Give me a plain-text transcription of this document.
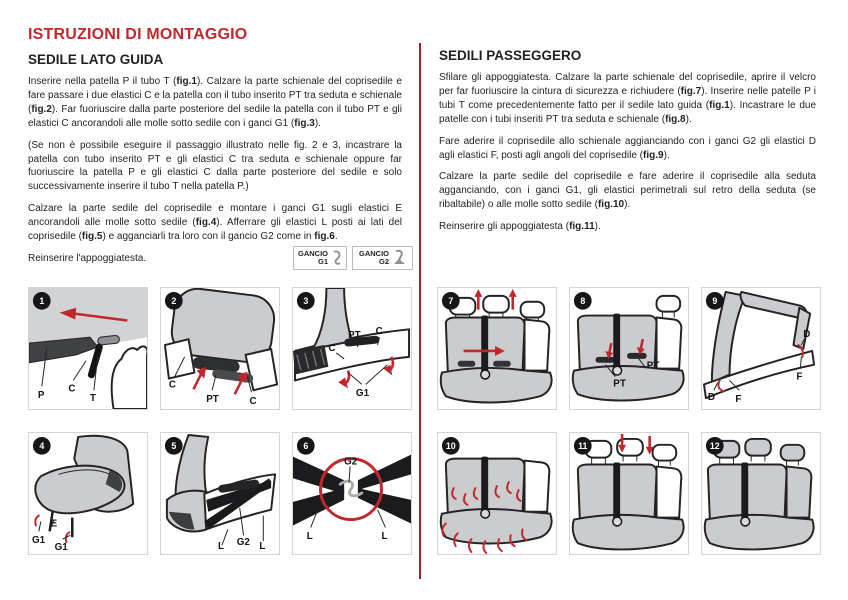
ISTRUZIONI DI MONTAGGIO
SEDILE LATO GUIDA

Inserire nella patella P il tubo T (fig.1). Calzare la parte schienale del coprisedile e fare passare i due elastici C e la patella con il tubo inserito PT tra seduta e schienale (fig.2). Far fuoriuscire dalla parte posteriore del sedile la patella con il tubo PT e gli elastici C ancorandoli alle molle sotto sedile con i ganci G1 (fig.3).

(Se non è possibile eseguire il passaggio illustrato nelle fig. 2 e 3, incastrare la patella con tubo inserito PT e gli elastici C tra seduta e schienale oppure far fuoriuscire la patella P e gli elastici C dalla parte posteriore del sedile e solo successivamente inserire il tubo T nella patella P.)

Calzare la parte sedile del coprisedile e montare i ganci G1 sugli elastici E ancorandoli alle molle sotto sedile (fig.4). Afferrare gli elastici L posti ai lati del coprisedile (fig.5) e agganciarli tra loro con il gancio G2 come in fig.6.

Reinserire l'appoggiatesta.

SEDILI PASSEGGERO

Sfilare gli appoggiatesta. Calzare la parte schienale del coprisedile, aprire il velcro per far fuoriuscire la cintura di sicurezza e richiudere (fig.7). Inserire nelle patelle P i tubi T come precedentemente fatto per il sedile lato guida (fig.1). Incastrare le due patelle con i tubi inseriti PT tra seduta e schienale (fig.8).

Fare aderire il coprisedile allo schienale aggianciando con i ganci G2 gli elastici D agli elastici F, posti agli angoli del coprisedile (fig.9).

Calzare la parte sedile del coprisedile e fare aderire il coprisedile alla seduta agganciando, con i ganci G1, gli elastici perimetrali sul retro della seduta (se ribaltabile) o alle molle sotto sedile (fig.10).

Reinserire gli appoggiatesta (fig.11).

GANCIO
G1
GANCIO
G2
P
C
T
1
C
PT	C
2
C
PT C
G1
3
G1
E
G1
4
L G2 L
5
G2
L	L
6
7
PT
PT
8
D F
D
F
9
10	11	12
